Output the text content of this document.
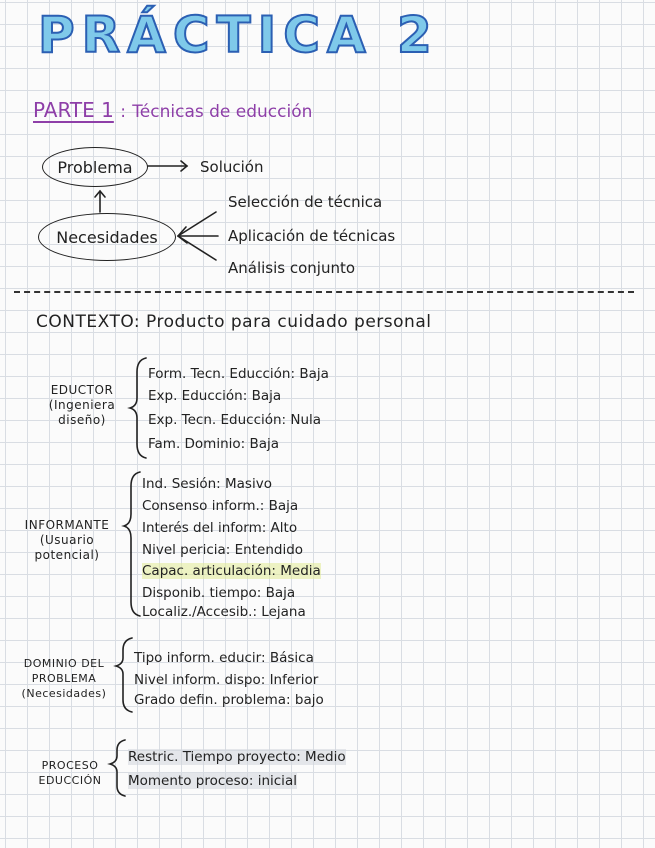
PRÁCTICA 2
PARTE 1 : Técnicas de educción
Problema
Necesidades
Solución
Selección de técnica
Aplicación de técnicas
Análisis conjunto
CONTEXTO: Producto para cuidado personal
EDUCTOR
(Ingeniera
diseño)
Form. Tecn. Educción: Baja
Exp. Educción: Baja
Exp. Tecn. Educción: Nula
Fam. Dominio: Baja
INFORMANTE
(Usuario
potencial)
Ind. Sesión: Masivo
Consenso inform.: Baja
Interés del inform: Alto
Nivel pericia: Entendido
Capac. articulación: Media
Disponib. tiempo: Baja
Localiz./Accesib.: Lejana
DOMINIO DEL
PROBLEMA
(Necesidades)
Tipo inform. educir: Básica
Nivel inform. dispo: Inferior
Grado defin. problema: bajo
PROCESO
EDUCCIÓN
Restric. Tiempo proyecto: Medio
Momento proceso: inicial
